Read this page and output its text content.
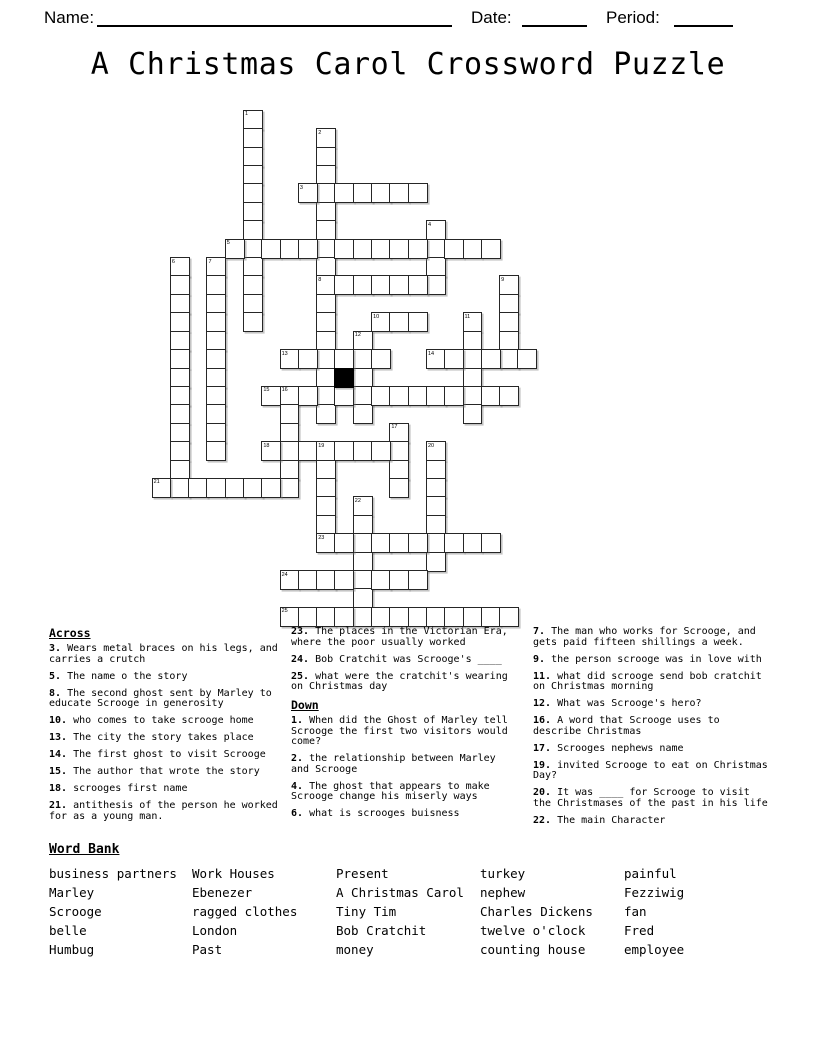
Name:	Date:	Period:
A Christmas Carol Crossword Puzzle
1
2
8
3
4
5
6	7
9
10	11
12
13	14
15 16
17
18	19
23
20
21
22
24
25
Across

3. Wears metal braces on his legs, and carries a crutch

5. The name o the story

8. The second ghost sent by Marley to educate Scrooge in generosity

10. who comes to take scrooge home

13. The city the story takes place

14. The first ghost to visit Scrooge

15. The author that wrote the story

18. scrooges first name

21. antithesis of the person he worked for as a young man.

23. The places in the Victorian Era, where the poor usually worked

24. Bob Cratchit was Scrooge's ____

25. what were the cratchit's wearing on Christmas day

Down

1. When did the Ghost of Marley tell Scrooge the first two visitors would come?

2. the relationship between Marley and Scrooge

4. The ghost that appears to make Scrooge change his miserly ways

6. what is scrooges buisness

7. The man who works for Scrooge, and gets paid fifteen shillings a week.

9. the person scrooge was in love with

11. what did scrooge send bob cratchit on Christmas morning

12. What was Scrooge's hero?

16. A word that Scrooge uses to describe Christmas

17. Scrooges nephews name

19. invited Scrooge to eat on Christmas Day?

20. It was ____ for Scrooge to visit the Christmases of the past in his life

22. The main Character

Word Bank
business partners	Work Houses	Present	turkey	painful
Marley	Ebenezer	A Christmas Carol	nephew	Fezziwig
Scrooge	ragged clothes	Tiny Tim	Charles Dickens	fan
belle	London	Bob Cratchit	twelve o'clock	Fred
Humbug	Past	money	counting house	employee
